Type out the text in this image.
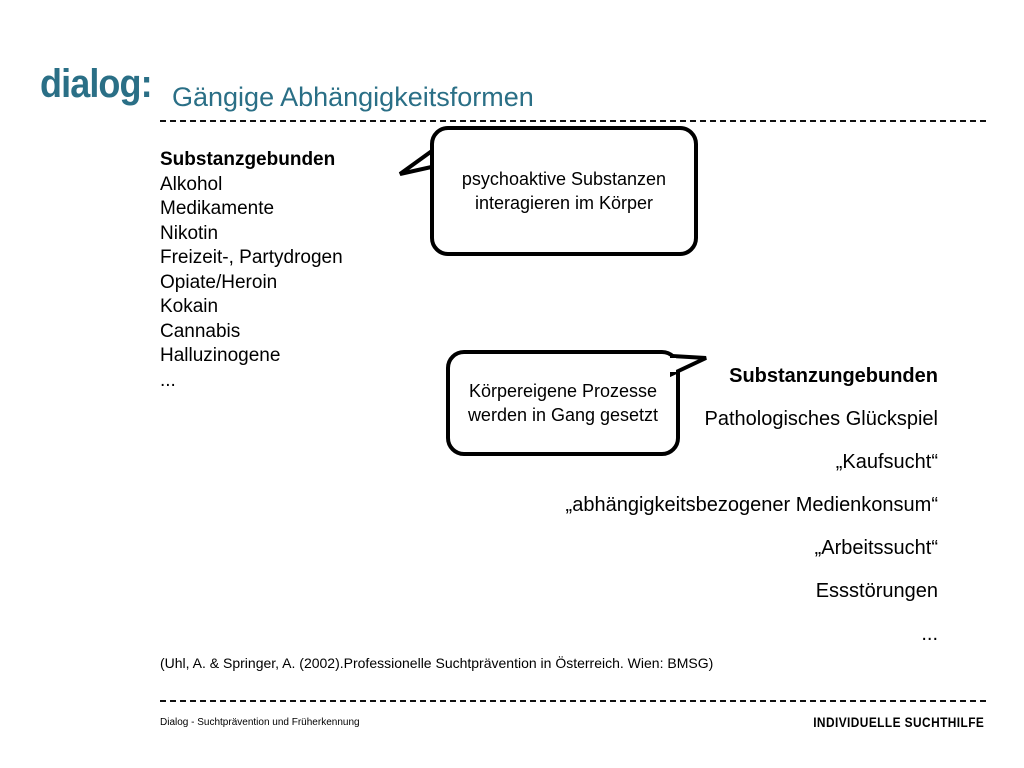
dialog: Gängige Abhängigkeitsformen
Substanzgebunden
Alkohol
Medikamente
Nikotin
Freizeit-, Partydrogen
Opiate/Heroin
Kokain
Cannabis
Halluzinogene
...	Substanzungebunden
Pathologisches Glückspiel
„Kaufsucht“
„abhängigkeitsbezogener Medienkonsum“
„Arbeitssucht“
Essstörungen
...
psychoaktive Substanzen interagieren im Körper
Körpereigene Prozesse werden in Gang gesetzt
(Uhl, A. & Springer, A. (2002).Professionelle Suchtprävention in Österreich. Wien: BMSG)
Dialog - Suchtprävention und Früherkennung	INDIVIDUELLE SUCHTHILFE
